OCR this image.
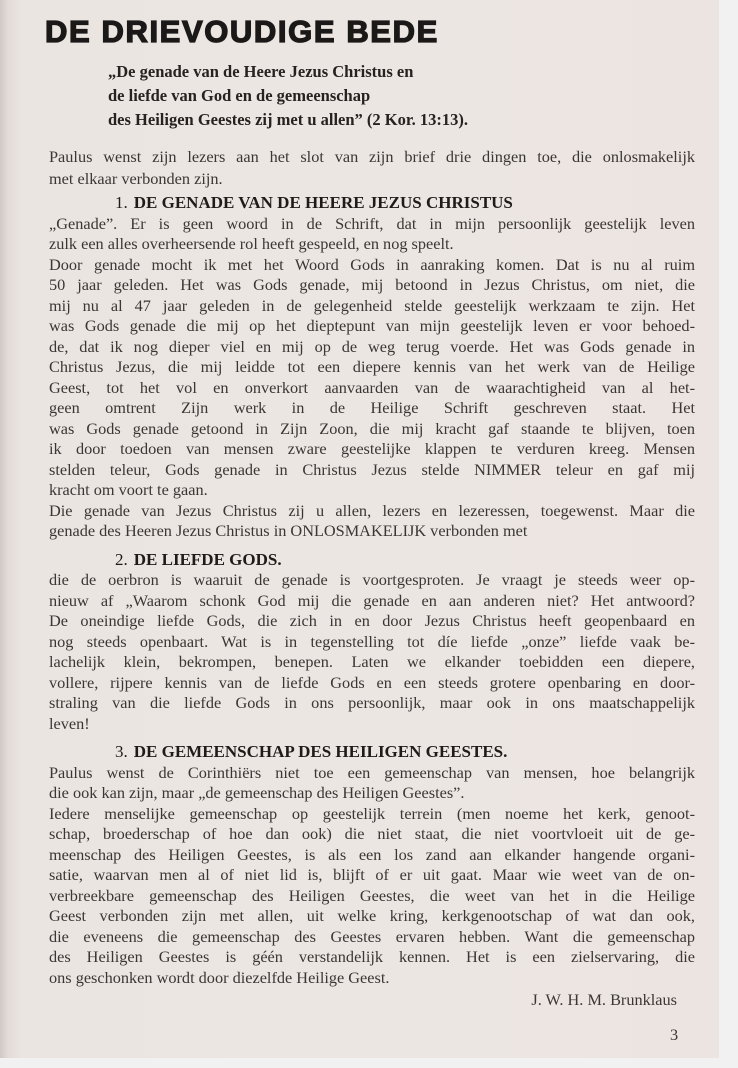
DE DRIEVOUDIGE BEDE
„De genade van de Heere Jezus Christus en
de liefde van God en de gemeenschap
des Heiligen Geestes zij met u allen” (2 Kor. 13:13).
Paulus wenst zijn lezers aan het slot van zijn brief drie dingen toe, die onlosmakelijk
met elkaar verbonden zijn.
1. DE GENADE VAN DE HEERE JEZUS CHRISTUS
„Genade”. Er is geen woord in de Schrift, dat in mijn persoonlijk geestelijk leven
zulk een alles overheersende rol heeft gespeeld, en nog speelt.
Door genade mocht ik met het Woord Gods in aanraking komen. Dat is nu al ruim
50 jaar geleden. Het was Gods genade, mij betoond in Jezus Christus, om niet, die
mij nu al 47 jaar geleden in de gelegenheid stelde geestelijk werkzaam te zijn. Het
was Gods genade die mij op het dieptepunt van mijn geestelijk leven er voor behoed-
de, dat ik nog dieper viel en mij op de weg terug voerde. Het was Gods genade in
Christus Jezus, die mij leidde tot een diepere kennis van het werk van de Heilige
Geest, tot het vol en onverkort aanvaarden van de waarachtigheid van al het-
geen omtrent Zijn werk in de Heilige Schrift geschreven staat. Het
was Gods genade getoond in Zijn Zoon, die mij kracht gaf staande te blijven, toen
ik door toedoen van mensen zware geestelijke klappen te verduren kreeg. Mensen
stelden teleur, Gods genade in Christus Jezus stelde NIMMER teleur en gaf mij
kracht om voort te gaan.
Die genade van Jezus Christus zij u allen, lezers en lezeressen, toegewenst. Maar die
genade des Heeren Jezus Christus in ONLOSMAKELIJK verbonden met
2. DE LIEFDE GODS.
die de oerbron is waaruit de genade is voortgesproten. Je vraagt je steeds weer op-
nieuw af „Waarom schonk God mij die genade en aan anderen niet? Het antwoord?
De oneindige liefde Gods, die zich in en door Jezus Christus heeft geopenbaard en
nog steeds openbaart. Wat is in tegenstelling tot díe liefde „onze” liefde vaak be-
lachelijk klein, bekrompen, benepen. Laten we elkander toebidden een diepere,
vollere, rijpere kennis van de liefde Gods en een steeds grotere openbaring en door-
straling van die liefde Gods in ons persoonlijk, maar ook in ons maatschappelijk
leven!
3. DE GEMEENSCHAP DES HEILIGEN GEESTES.
Paulus wenst de Corinthiërs niet toe een gemeenschap van mensen, hoe belangrijk
die ook kan zijn, maar „de gemeenschap des Heiligen Geestes”.
Iedere menselijke gemeenschap op geestelijk terrein (men noeme het kerk, genoot-
schap, broederschap of hoe dan ook) die niet staat, die niet voortvloeit uit de ge-
meenschap des Heiligen Geestes, is als een los zand aan elkander hangende organi-
satie, waarvan men al of niet lid is, blijft of er uit gaat. Maar wie weet van de on-
verbreekbare gemeenschap des Heiligen Geestes, die weet van het in die Heilige
Geest verbonden zijn met allen, uit welke kring, kerkgenootschap of wat dan ook,
die eveneens die gemeenschap des Geestes ervaren hebben. Want die gemeenschap
des Heiligen Geestes is géén verstandelijk kennen. Het is een zielservaring, die
ons geschonken wordt door diezelfde Heilige Geest.
J. W. H. M. Brunklaus
3
